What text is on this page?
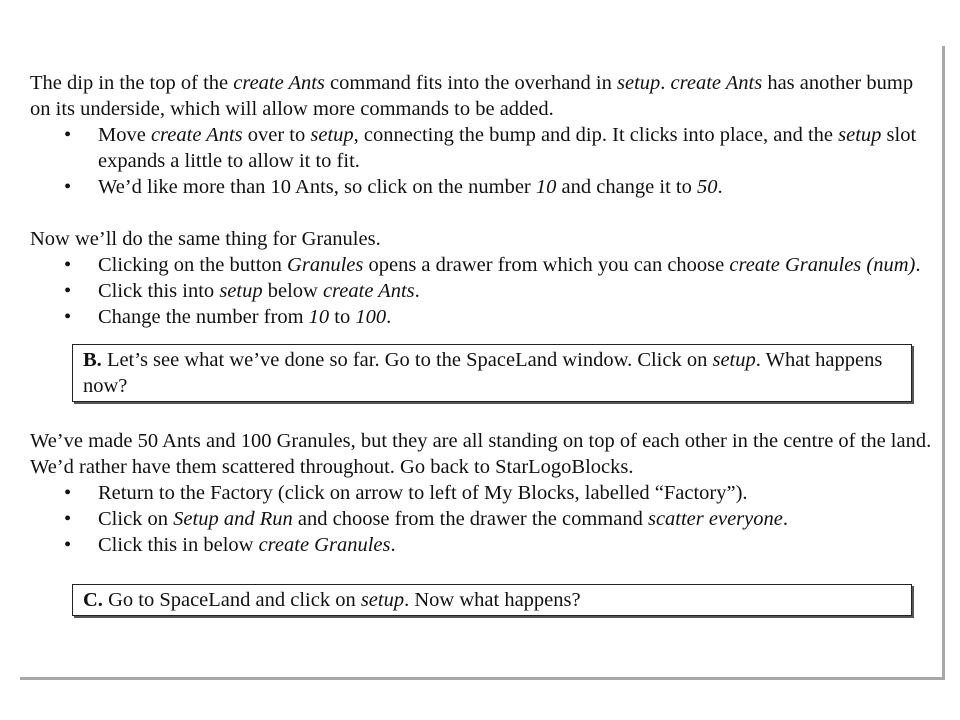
The dip in the top of the create Ants command fits into the overhand in setup. create Ants has another bump on its underside, which will allow more commands to be added.

• Move create Ants over to setup, connecting the bump and dip. It clicks into place, and the setup slot expands a little to allow it to fit.
• We’d like more than 10 Ants, so click on the number 10 and change it to 50.

Now we’ll do the same thing for Granules.

• Clicking on the button Granules opens a drawer from which you can choose create Granules (num).
• Click this into setup below create Ants.
• Change the number from 10 to 100.
B. Let’s see what we’ve done so far. Go to the SpaceLand window. Click on setup. What happens now?

We’ve made 50 Ants and 100 Granules, but they are all standing on top of each other in the centre of the land. We’d rather have them scattered throughout. Go back to StarLogoBlocks.

• Return to the Factory (click on arrow to left of My Blocks, labelled “Factory”).
• Click on Setup and Run and choose from the drawer the command scatter everyone.
• Click this in below create Granules.
C. Go to SpaceLand and click on setup. Now what happens?
